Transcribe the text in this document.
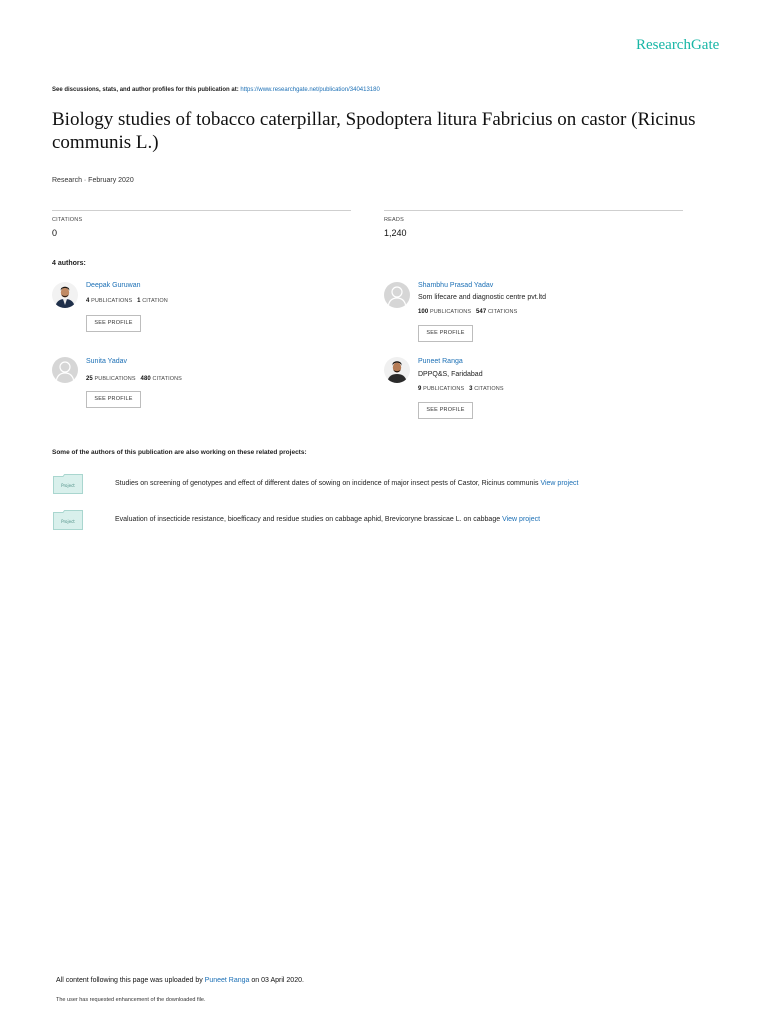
ResearchGate
See discussions, stats, and author profiles for this publication at: https://www.researchgate.net/publication/340413180
Biology studies of tobacco caterpillar, Spodoptera litura Fabricius on castor (Ricinus communis L.)
Research · February 2020
CITATIONS
0
READS
1,240
4 authors:
Deepak Guruwan
4 PUBLICATIONS 1 CITATION
SEE PROFILE
Shambhu Prasad Yadav
Som lifecare and diagnostic centre pvt.ltd
100 PUBLICATIONS 547 CITATIONS
SEE PROFILE
Sunita Yadav
25 PUBLICATIONS 480 CITATIONS
SEE PROFILE
Puneet Ranga
DPPQ&S, Faridabad
9 PUBLICATIONS 3 CITATIONS
SEE PROFILE
Some of the authors of this publication are also working on these related projects:
Project	Studies on screening of genotypes and effect of different dates of sowing on incidence of major insect pests of Castor, Ricinus communis View project
Project	Evaluation of insecticide resistance, bioefficacy and residue studies on cabbage aphid, Brevicoryne brassicae L. on cabbage View project
All content following this page was uploaded by Puneet Ranga on 03 April 2020.
The user has requested enhancement of the downloaded file.
